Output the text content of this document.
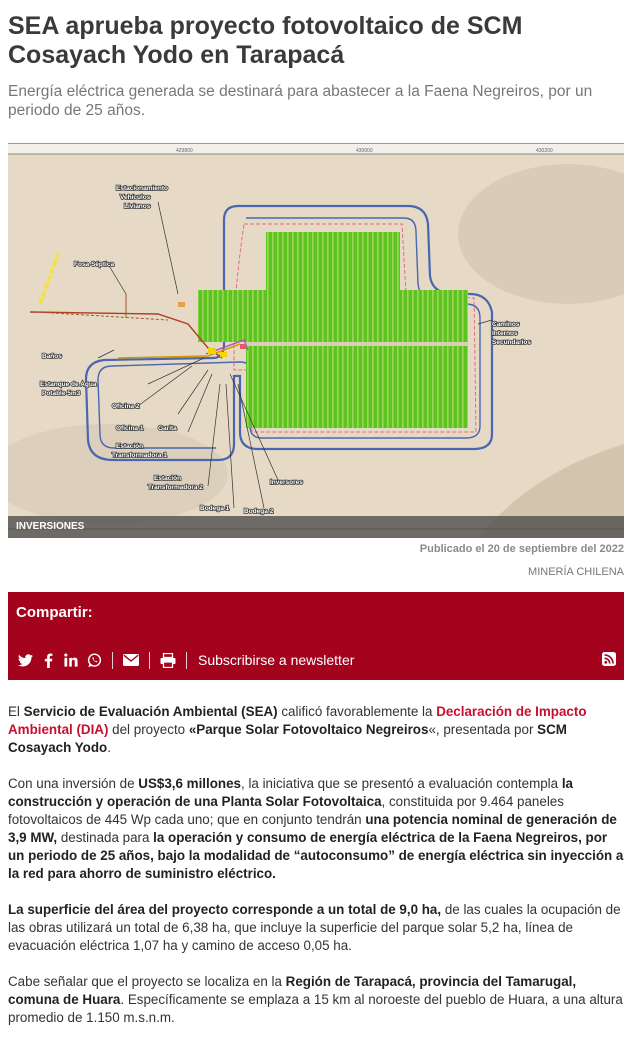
SEA aprueba proyecto fotovoltaico de SCM Cosayach Yodo en Tarapacá
Energía eléctrica generada se destinará para abastecer a la Faena Negreiros, por un periodo de 25 años.
429800	430000	430200
Estacionamiento
Vehículos
Livianos
Fosa Séptica
Baños
Estanque de Agua
Potable 5m3
Oficina 2
Oficina 1 Garita
Estación
Transformadora 1
Estación
Transformadora 2
Inversores
Bodega 1 Bodega 2
Caminos
Internos
Secundarios
INVERSIONES
Publicado el 20 de septiembre del 2022
MINERÍA CHILENA
Compartir:
Subscribirse a newsletter

El Servicio de Evaluación Ambiental (SEA) calificó favorablemente la Declaración de Impacto Ambiental (DIA) del proyecto «Parque Solar Fotovoltaico Negreiros«, presentada por SCM Cosayach Yodo.

Con una inversión de US$3,6 millones, la iniciativa que se presentó a evaluación contempla la construcción y operación de una Planta Solar Fotovoltaica, constituida por 9.464 paneles fotovoltaicos de 445 Wp cada uno; que en conjunto tendrán una potencia nominal de generación de 3,9 MW, destinada para la operación y consumo de energía eléctrica de la Faena Negreiros, por un periodo de 25 años, bajo la modalidad de “autoconsumo” de energía eléctrica sin inyección a la red para ahorro de suministro eléctrico.

La superficie del área del proyecto corresponde a un total de 9,0 ha, de las cuales la ocupación de las obras utilizará un total de 6,38 ha, que incluye la superficie del parque solar 5,2 ha, línea de evacuación eléctrica 1,07 ha y camino de acceso 0,05 ha.

Cabe señalar que el proyecto se localiza en la Región de Tarapacá, provincia del Tamarugal, comuna de Huara. Específicamente se emplaza a 15 km al noroeste del pueblo de Huara, a una altura promedio de 1.150 m.s.n.m.
